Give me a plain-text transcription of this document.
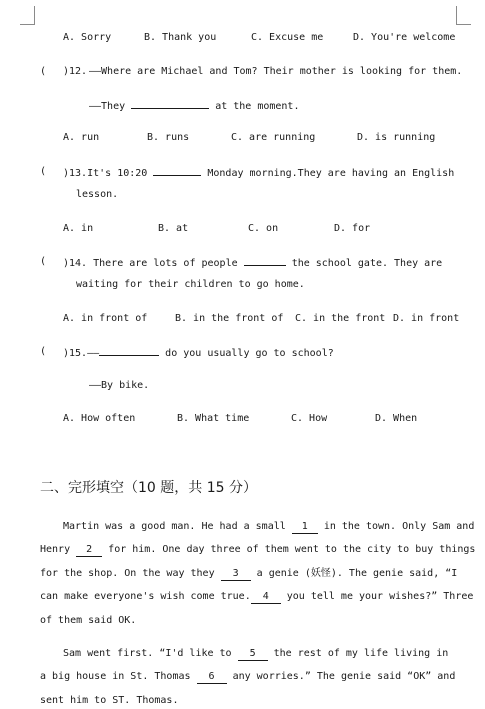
A. Sorry	B. Thank you	C. Excuse me	D. You're welcome
( )12. ——Where are Michael and Tom? Their mother is looking for them.
——They	at the moment.
A. run	B. runs	C. are running	D. is running
( )13.It's 10:20	Monday morning.They are having an English
lesson.
A. in	B. at	C. on	D. for
( )14. There are lots of people	the school gate. They are
waiting for their children to go home.
A. in front of	B. in the front of C. in the front D. in front
( )15.——	do you usually go to school?
——By bike.
A. How often	B. What time	C. How	D. When
二、完形填空（10 题，共 15 分）
Martin was a good man. He had a small 1 in the town. Only Sam and
Henry 2 for him. One day three of them went to the city to buy things
for the shop. On the way they 3 a genie (妖怪). The genie said, “I
can make everyone's wish come true. 4 you tell me your wishes?” Three
of them said OK.
Sam went first. “I'd like to 5 the rest of my life living in
a big house in St. Thomas 6 any worries.” The genie said “OK” and
sent him to ST. Thomas.
